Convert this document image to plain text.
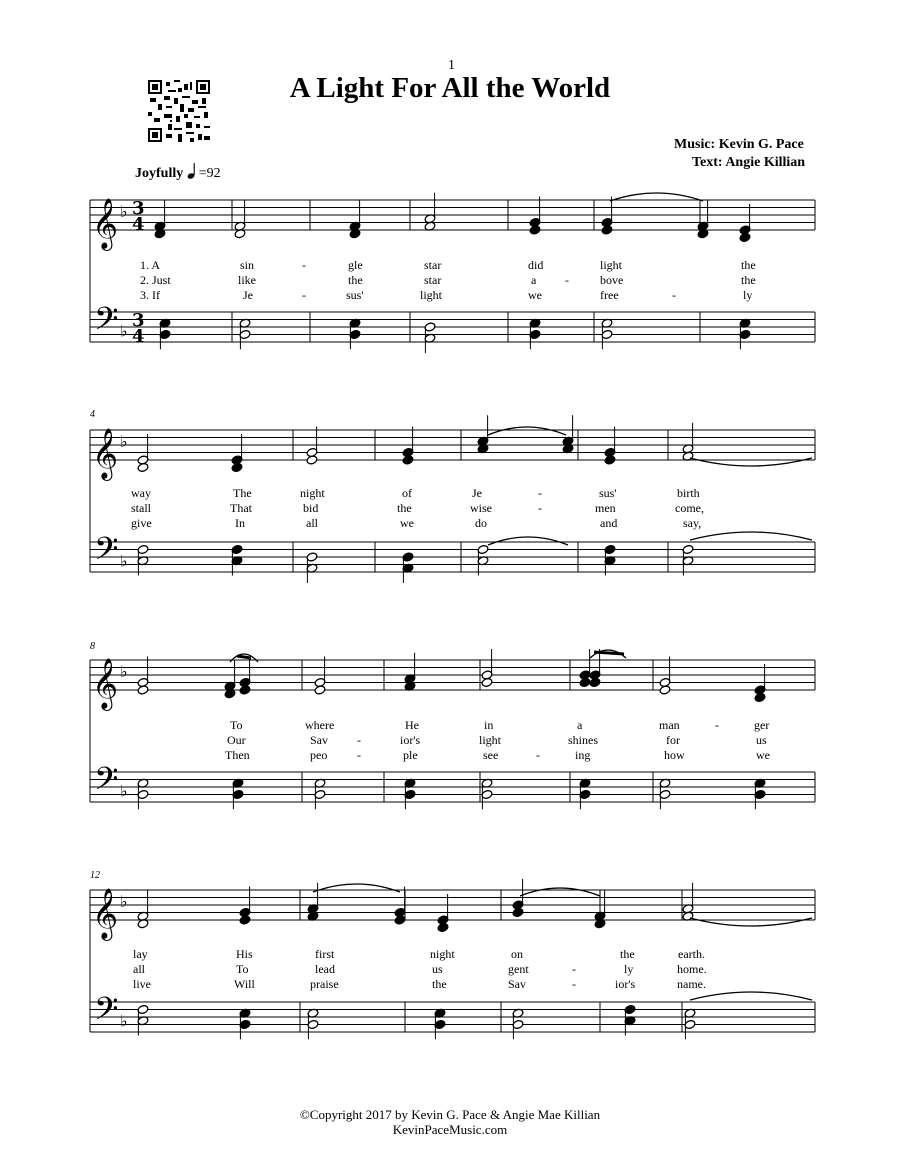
1
A Light For All the World
Music: Kevin G. Pace
Text: Angie Killian
Joyfully =92
𝄞
𝄢
♭
♭
3
4
3
4
𝄞
𝄢
♭
♭
𝄞
𝄢
♭
♭
𝄞
𝄢
♭
♭
4
8
12
1. A	sin	-	gle	star	did	light	the
2. Just	like	the	star	a -	bove	the
3. If	Je	-	sus'	light	we	free	-	ly
way	The	night	of	Je	-	sus'	birth
stall	That	bid	the	wise	-	men	come,
give	In	all	we	do	and	say,
To	where	He	in	a	man	-	ger
Our	Sav -	ior's	light	shines	for	us
Then	peo -	ple	see	-	ing	how	we
lay	His	first	night	on	the	earth.
all	To	lead	us	gent	-	ly	home.
live	Will	praise	the	Sav	-	ior's	name.
©Copyright 2017 by Kevin G. Pace & Angie Mae Killian
KevinPaceMusic.com
